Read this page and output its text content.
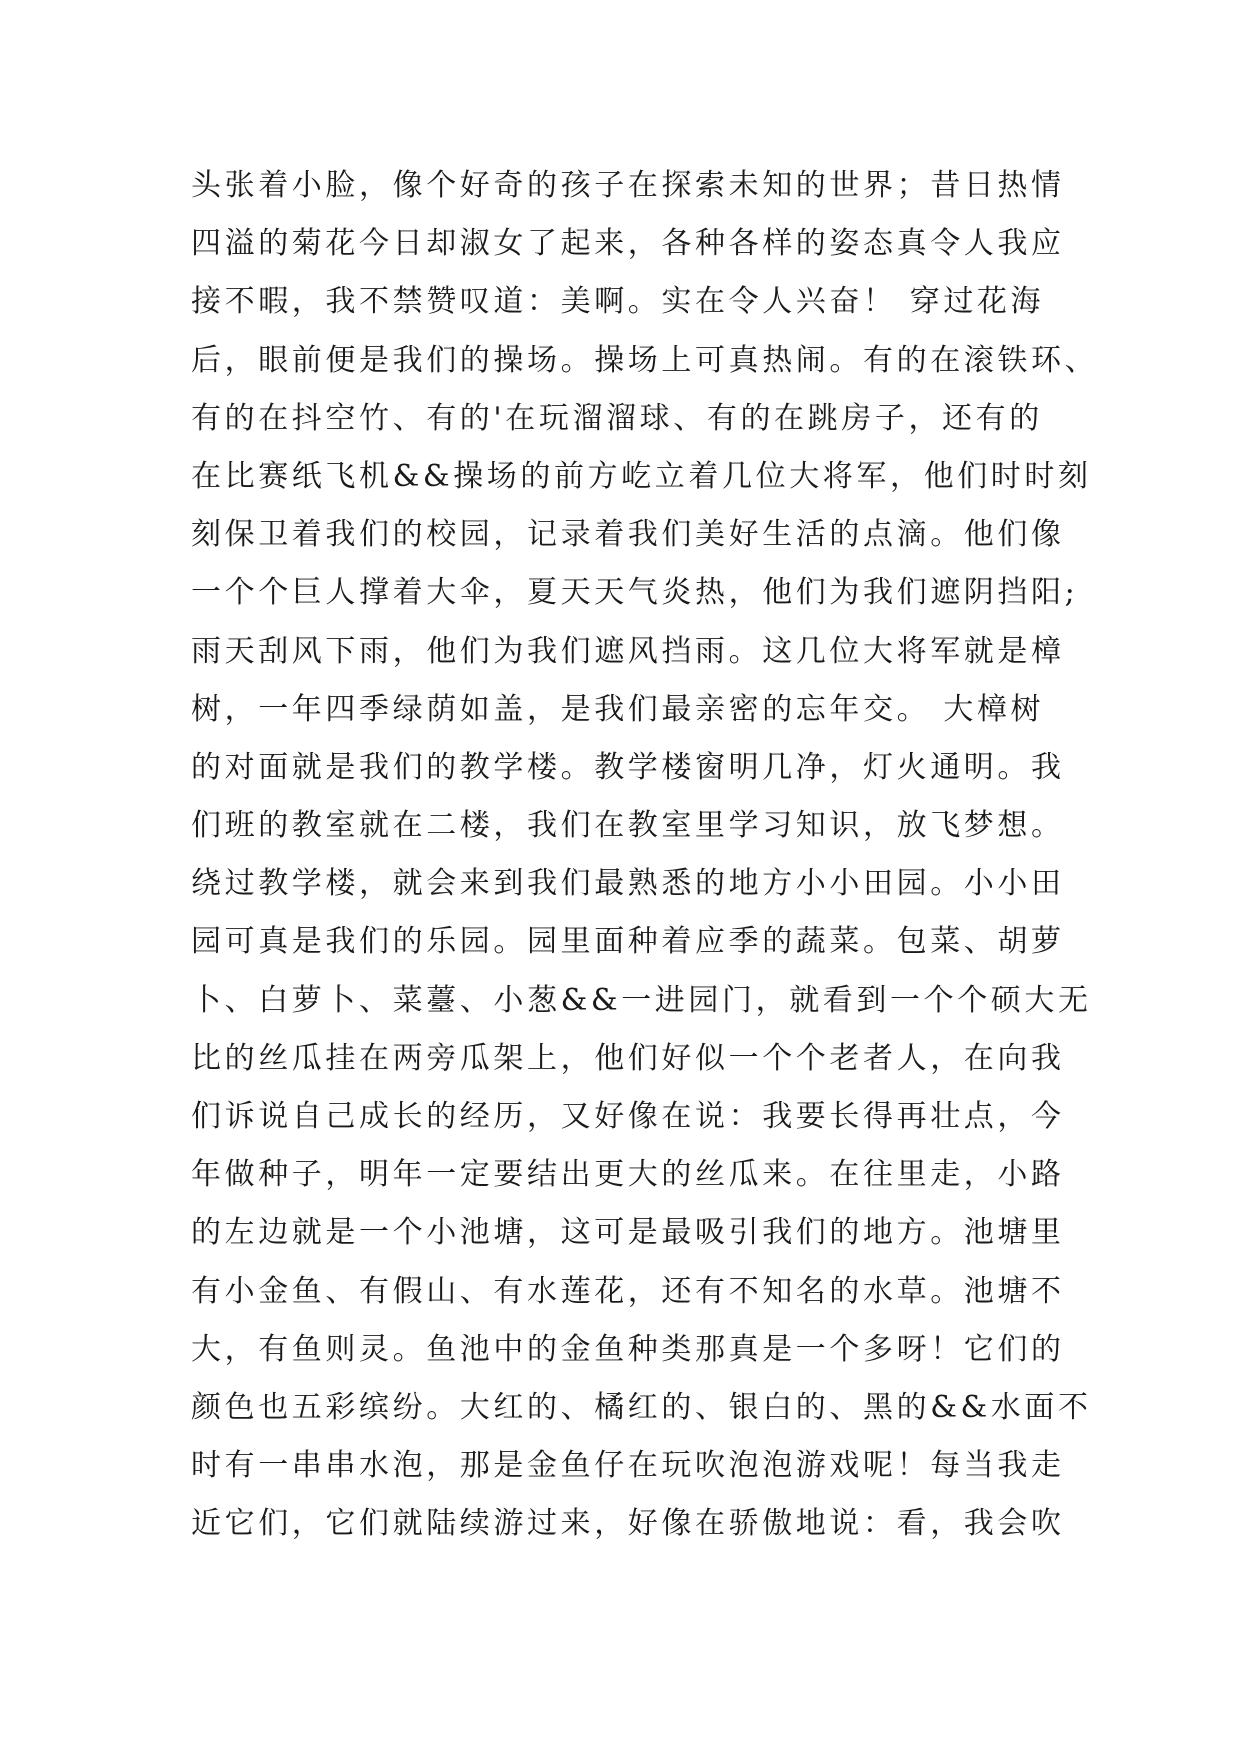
头张着小脸，像个好奇的孩子在探索未知的世界；昔日热情
四溢的菊花今日却淑女了起来，各种各样的姿态真令人我应
接不暇，我不禁赞叹道：美啊。实在令人兴奋！ 穿过花海
后，眼前便是我们的操场。操场上可真热闹。有的在滚铁环、
有的在抖空竹、有的'在玩溜溜球、有的在跳房子，还有的
在比赛纸飞机&&操场的前方屹立着几位大将军，他们时时刻
刻保卫着我们的校园，记录着我们美好生活的点滴。他们像
一个个巨人撑着大伞，夏天天气炎热，他们为我们遮阴挡阳;
雨天刮风下雨，他们为我们遮风挡雨。这几位大将军就是樟
树，一年四季绿荫如盖，是我们最亲密的忘年交。 大樟树
的对面就是我们的教学楼。教学楼窗明几净，灯火通明。我
们班的教室就在二楼，我们在教室里学习知识，放飞梦想。
绕过教学楼，就会来到我们最熟悉的地方小小田园。小小田
园可真是我们的乐园。园里面种着应季的蔬菜。包菜、胡萝
卜、白萝卜、菜薹、小葱&&一进园门，就看到一个个硕大无
比的丝瓜挂在两旁瓜架上，他们好似一个个老者人，在向我
们诉说自己成长的经历，又好像在说：我要长得再壮点，今
年做种子，明年一定要结出更大的丝瓜来。在往里走，小路
的左边就是一个小池塘，这可是最吸引我们的地方。池塘里
有小金鱼、有假山、有水莲花，还有不知名的水草。池塘不
大，有鱼则灵。鱼池中的金鱼种类那真是一个多呀！它们的
颜色也五彩缤纷。大红的、橘红的、银白的、黑的&&水面不
时有一串串水泡，那是金鱼仔在玩吹泡泡游戏呢！每当我走
近它们，它们就陆续游过来，好像在骄傲地说：看，我会吹
